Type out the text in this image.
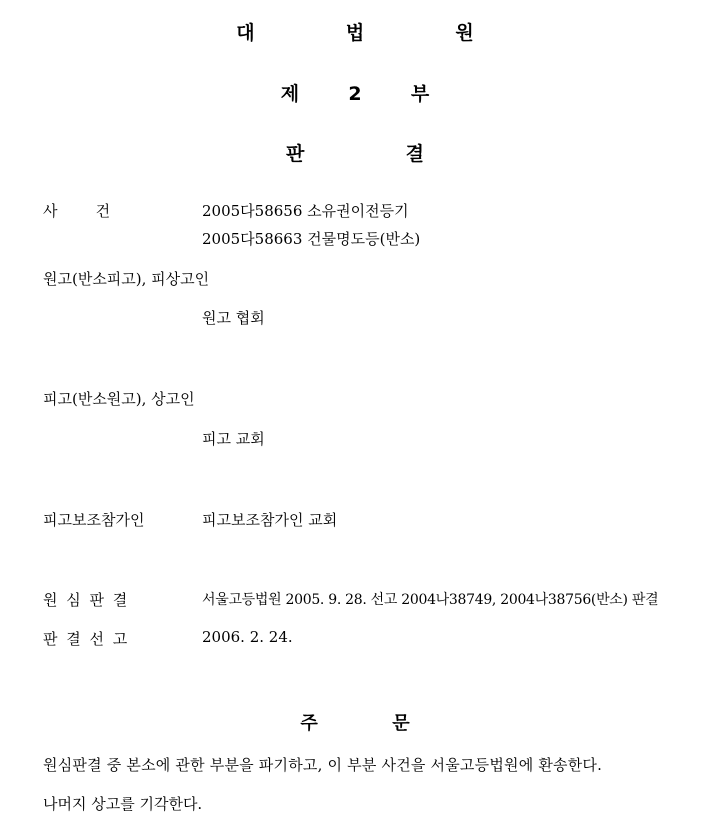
대	법	원
제	2	부
판	결
사        건	2005다58656 소유권이전등기
2005다58663 건물명도등(반소)
원고(반소피고), 피상고인
원고 협회
피고(반소원고), 상고인
피고 교회
피고보조참가인	피고보조참가인 교회
원 심 판 결	서울고등법원 2005. 9. 28. 선고 2004나38749, 2004나38756(반소) 판결
판 결 선 고	2006. 2. 24.
주	문
원심판결 중 본소에 관한 부분을 파기하고, 이 부분 사건을 서울고등법원에 환송한다.
나머지 상고를 기각한다.
